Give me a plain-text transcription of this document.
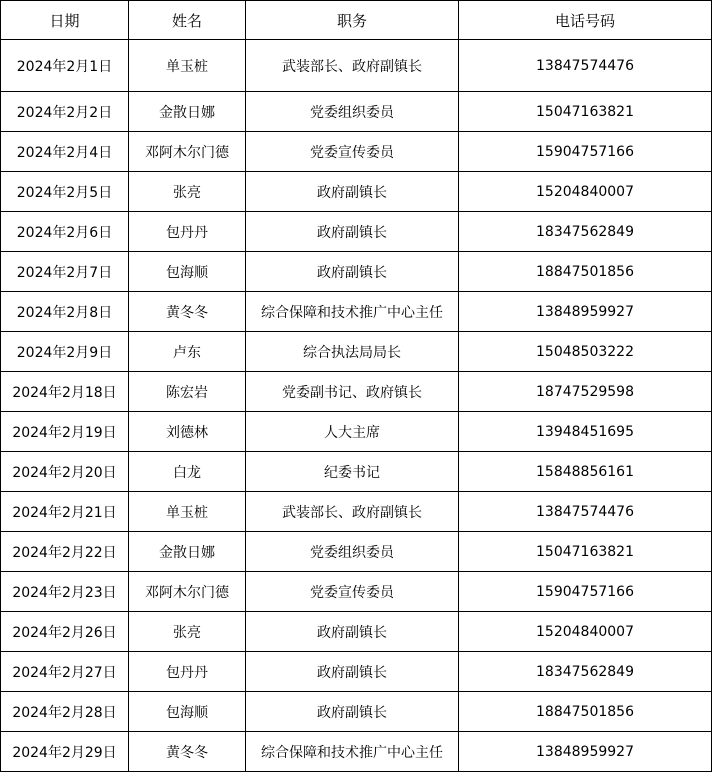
日期	姓名	职务	电话号码
2024年2月1日	单玉桩	武装部长、政府副镇长	13847574476
2024年2月2日	金散日娜	党委组织委员	15047163821
2024年2月4日	邓阿木尔门德	党委宣传委员	15904757166
2024年2月5日	张亮	政府副镇长	15204840007
2024年2月6日	包丹丹	政府副镇长	18347562849
2024年2月7日	包海顺	政府副镇长	18847501856
2024年2月8日	黄冬冬	综合保障和技术推广中心主任	13848959927
2024年2月9日	卢东	综合执法局局长	15048503222
2024年2月18日	陈宏岩	党委副书记、政府镇长	18747529598
2024年2月19日	刘德林	人大主席	13948451695
2024年2月20日	白龙	纪委书记	15848856161
2024年2月21日	单玉桩	武装部长、政府副镇长	13847574476
2024年2月22日	金散日娜	党委组织委员	15047163821
2024年2月23日	邓阿木尔门德	党委宣传委员	15904757166
2024年2月26日	张亮	政府副镇长	15204840007
2024年2月27日	包丹丹	政府副镇长	18347562849
2024年2月28日	包海顺	政府副镇长	18847501856
2024年2月29日	黄冬冬	综合保障和技术推广中心主任	13848959927
